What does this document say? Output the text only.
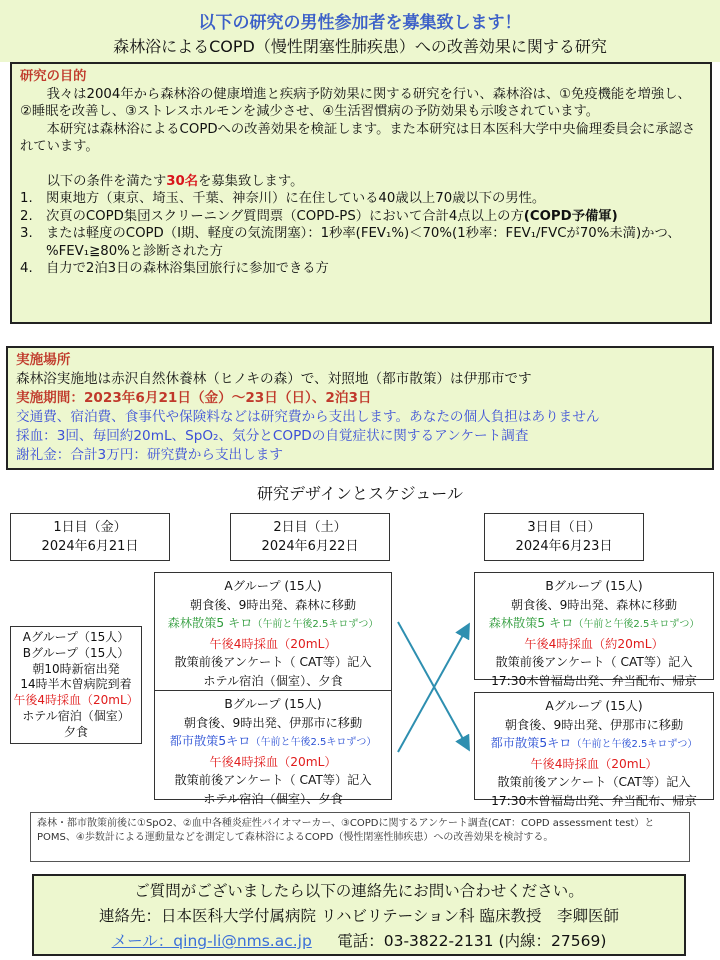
以下の研究の男性参加者を募集致します！
森林浴によるCOPD（慢性閉塞性肺疾患）への改善効果に関する研究
研究の目的

我々は2004年から森林浴の健康増進と疾病予防効果に関する研究を行い、森林浴は、①免疫機能を増強し、②睡眠を改善し、③ストレスホルモンを減少させ、④生活習慣病の予防効果も示唆されています。

本研究は森林浴によるCOPDへの改善効果を検証します。また本研究は日本医科大学中央倫理委員会に承認されています。

以下の条件を満たす30名を募集致します。

1.	関東地方（東京、埼玉、千葉、神奈川）に在住している40歳以上70歳以下の男性。
2.	次頁のCOPD集団スクリーニング質問票（COPD-PS）において合計4点以上の方(COPD予備軍)
3.	または軽度のCOPD（Ⅰ期、軽度の気流閉塞）：1秒率(FEV₁%)＜70%(1秒率：FEV₁/FVCが70%未満)かつ、%FEV₁≧80%と診断された方
4.	自力で2泊3日の森林浴集団旅行に参加できる方
実施場所
森林浴実施地は赤沢自然休養林（ヒノキの森）で、対照地（都市散策）は伊那市です
実施期間：2023年6月21日（金）～23日（日）、2泊3日
交通費、宿泊費、食事代や保険料などは研究費から支出します。あなたの個人負担はありません
採血：3回、毎回約20mL、SpO₂、気分とCOPDの自覚症状に関するアンケート調査
謝礼金：合計3万円：研究費から支出します
研究デザインとスケジュール
1日目（金）
2024年6月21日
2日目（土）
2024年6月22日
3日目（日）
2024年6月23日
Aグループ（15人）
Bグループ（15人）
朝10時新宿出発
14時半木曽病院到着
午後4時採血（20mL）
ホテル宿泊（個室）
夕食
Aグループ (15人)
朝食後、9時出発、森林に移動
森林散策5 キロ（午前と午後2.5キロずつ）
午後4時採血（20mL）
散策前後アンケート（ CAT等）記入
ホテル宿泊（個室）、夕食
Bグループ (15人)
朝食後、9時出発、伊那市に移動
都市散策5キロ（午前と午後2.5キロずつ）
午後4時採血（20mL）
散策前後アンケート（ CAT等）記入
ホテル宿泊（個室）、夕食
Bグループ (15人)
朝食後、9時出発、森林に移動
森林散策5 キロ（午前と午後2.5キロずつ）
午後4時採血（約20mL）
散策前後アンケート（ CAT等）記入
17:30木曽福島出発、弁当配布、帰京
Aグループ (15人)
朝食後、9時出発、伊那市に移動
都市散策5キロ（午前と午後2.5キロずつ）
午後4時採血（20mL）
散策前後アンケート（CAT等）記入
17:30木曽福島出発、弁当配布、帰京
森林・都市散策前後に①SpO2、②血中各種炎症性バイオマーカー、③COPDに関するアンケート調査(CAT：COPD assessment test）とPOMS、④歩数計による運動量などを測定して森林浴によるCOPD（慢性閉塞性肺疾患）への改善効果を検討する。
ご質問がございましたら以下の連絡先にお問い合わせください。
連絡先：日本医科大学付属病院 リハビリテーション科 臨床教授　李卿医師
メール：qing-li@nms.ac.jp 　 電話：03-3822-2131 (内線：27569)
